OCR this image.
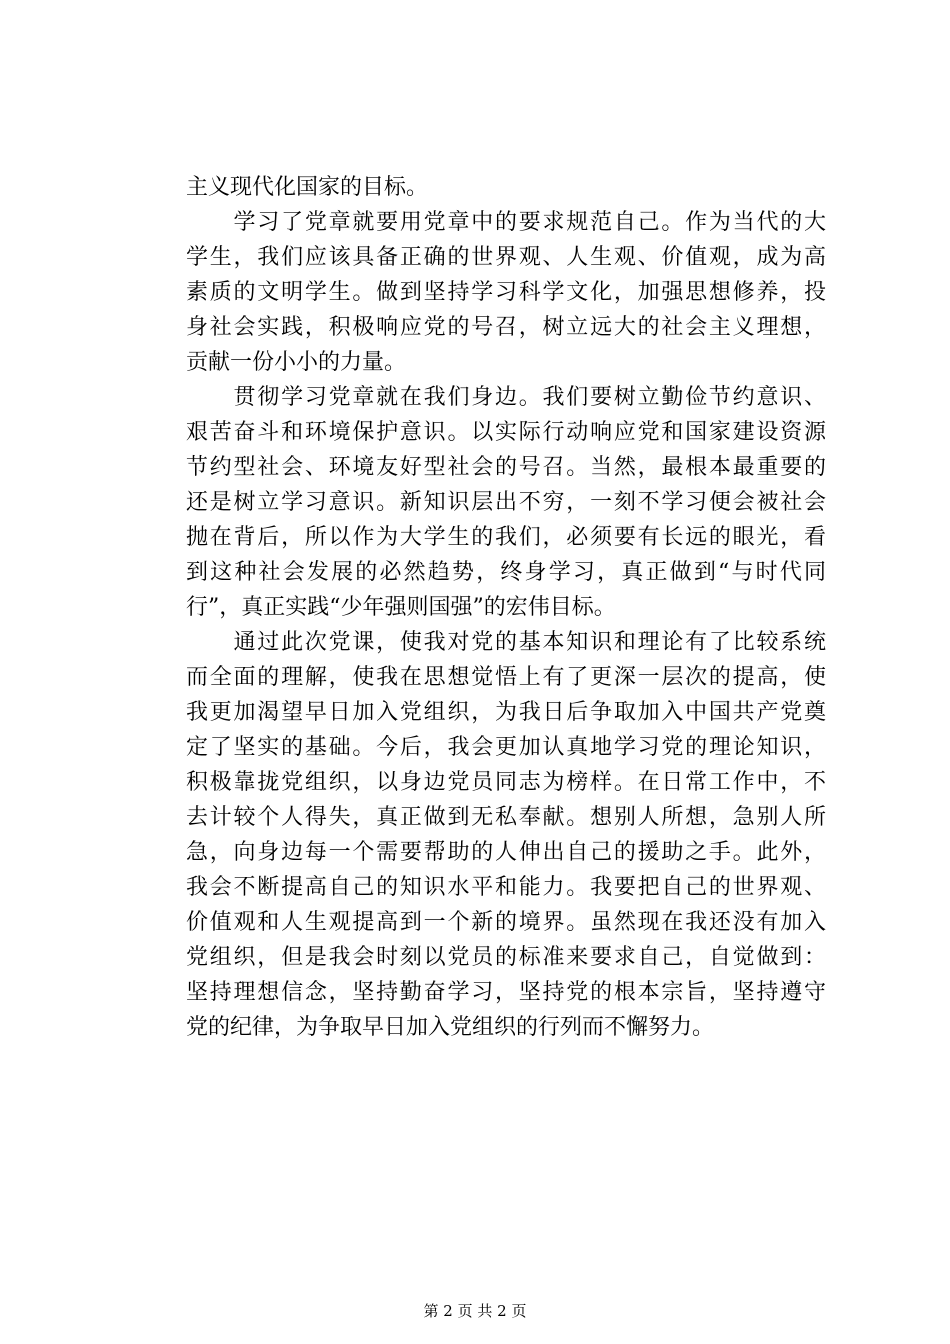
主义现代化国家的目标。
　　学习了党章就要用党章中的要求规范自己。作为当代的大
学生，我们应该具备正确的世界观、人生观、价值观，成为高
素质的文明学生。做到坚持学习科学文化，加强思想修养，投
身社会实践，积极响应党的号召，树立远大的社会主义理想，
贡献一份小小的力量。
　　贯彻学习党章就在我们身边。我们要树立勤俭节约意识、
艰苦奋斗和环境保护意识。以实际行动响应党和国家建设资源
节约型社会、环境友好型社会的号召。当然，最根本最重要的
还是树立学习意识。新知识层出不穷，一刻不学习便会被社会
抛在背后，所以作为大学生的我们，必须要有长远的眼光，看
到这种社会发展的必然趋势，终身学习，真正做到“与时代同
行”，真正实践“少年强则国强”的宏伟目标。
　　通过此次党课，使我对党的基本知识和理论有了比较系统
而全面的理解，使我在思想觉悟上有了更深一层次的提高，使
我更加渴望早日加入党组织，为我日后争取加入中国共产党奠
定了坚实的基础。今后，我会更加认真地学习党的理论知识，
积极靠拢党组织，以身边党员同志为榜样。在日常工作中，不
去计较个人得失，真正做到无私奉献。想别人所想，急别人所
急，向身边每一个需要帮助的人伸出自己的援助之手。此外，
我会不断提高自己的知识水平和能力。我要把自己的世界观、
价值观和人生观提高到一个新的境界。虽然现在我还没有加入
党组织，但是我会时刻以党员的标准来要求自己，自觉做到：
坚持理想信念，坚持勤奋学习，坚持党的根本宗旨，坚持遵守
党的纪律，为争取早日加入党组织的行列而不懈努力。
第 2 页 共 2 页
